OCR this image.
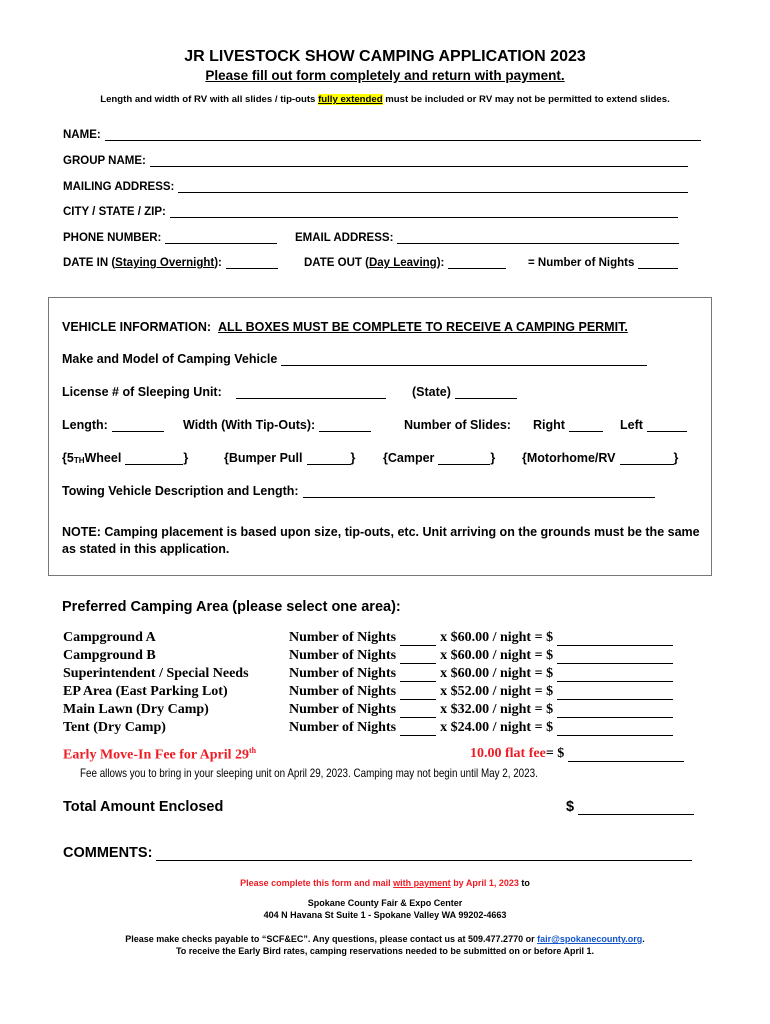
JR LIVESTOCK SHOW CAMPING APPLICATION 2023
Please fill out form completely and return with payment.
Length and width of RV with all slides / tip-outs fully extended must be included or RV may not be permitted to extend slides.
NAME:
GROUP NAME:
MAILING ADDRESS:
CITY / STATE / ZIP:
PHONE NUMBER:	EMAIL ADDRESS:
DATE IN ( Staying Overnight ):	DATE OUT ( Day Leaving ):	= Number of Nights
VEHICLE INFORMATION:
ALL BOXES MUST BE COMPLETE TO RECEIVE A CAMPING PERMIT.
Make and Model of Camping Vehicle
License # of Sleeping Unit:	(State)
Length:	Width (With Tip-Outs):	Number of Slides: Right	Left
{$5_{TH}$ Wheel	}	{Bumper Pull	} {Camper	} {Motorhome/RV	}
Towing Vehicle Description and Length:
NOTE: Camping placement is based upon size, tip-outs, etc. Unit arriving on the grounds must be the same as stated in this application.
Preferred Camping Area (please select one area):
Campground A	Number of Nights	x $60.00 / night = $
Campground B	Number of Nights	x $60.00 / night = $
Superintendent / Special Needs	Number of Nights	x $60.00 / night = $
EP Area (East Parking Lot)	Number of Nights	x $52.00 / night = $
Main Lawn (Dry Camp)	Number of Nights	x $32.00 / night = $
Tent (Dry Camp)	Number of Nights	x $24.00 / night = $
Early Move-In Fee for April 29th	10.00 flat fee = $
Fee allows you to bring in your sleeping unit on April 29, 2023. Camping may not begin until May 2, 2023.
Total Amount Enclosed	$
COMMENTS:
Please complete this form and mail with payment by April 1, 2023 to
Spokane County Fair & Expo Center
404 N Havana St Suite 1 - Spokane Valley WA 99202-4663
Please make checks payable to “SCF&EC”. Any questions, please contact us at 509.477.2770 or fair@spokanecounty.org.
To receive the Early Bird rates, camping reservations needed to be submitted on or before April 1.
